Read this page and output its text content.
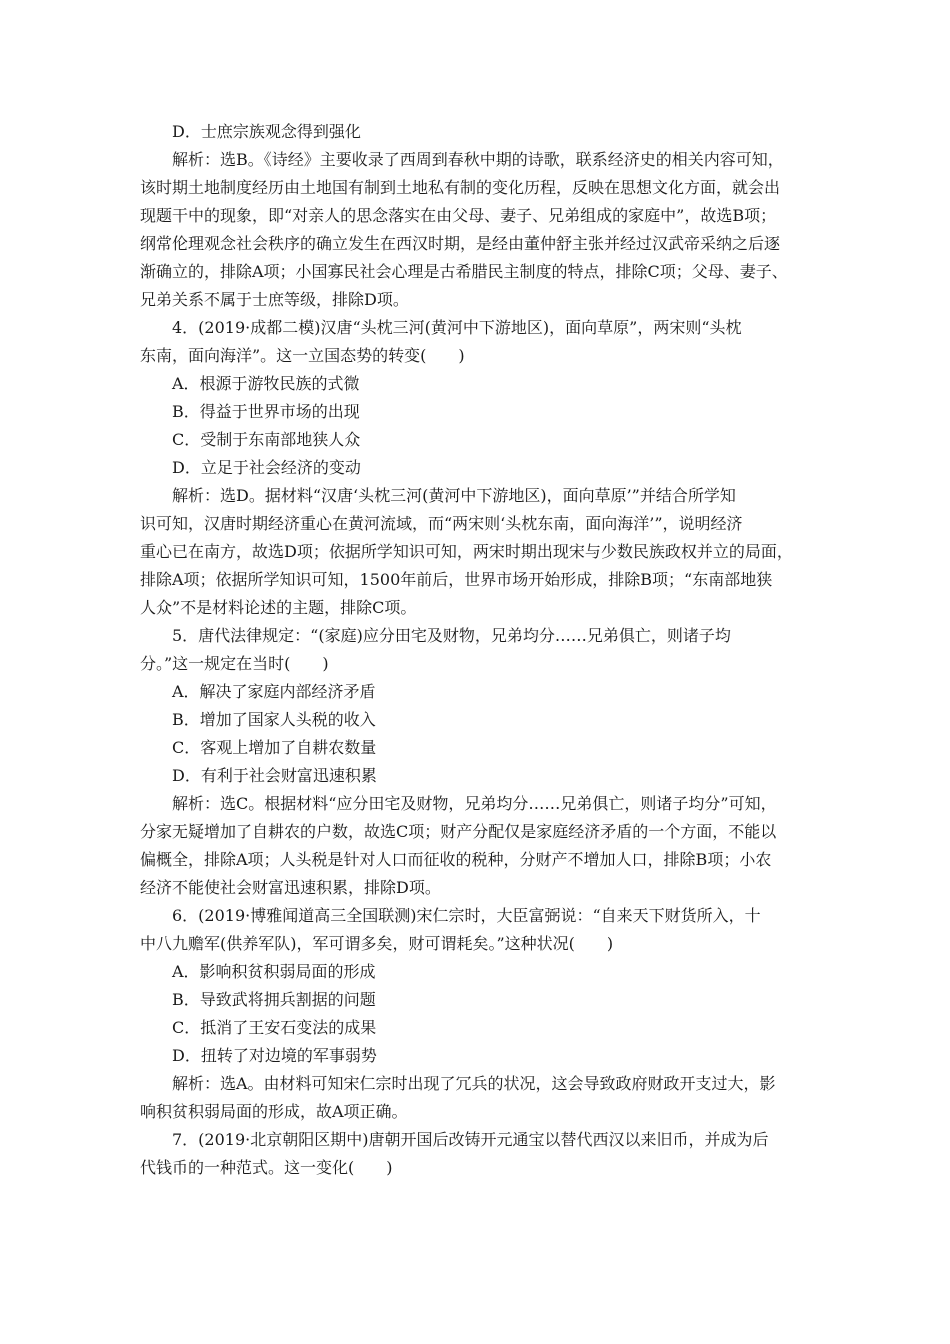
D．士庶宗族观念得到强化
解析：选B。《诗经》主要收录了西周到春秋中期的诗歌，联系经济史的相关内容可知，
该时期土地制度经历由土地国有制到土地私有制的变化历程，反映在思想文化方面，就会出
现题干中的现象，即“对亲人的思念落实在由父母、妻子、兄弟组成的家庭中”，故选B项；
纲常伦理观念社会秩序的确立发生在西汉时期，是经由董仲舒主张并经过汉武帝采纳之后逐
渐确立的，排除A项；小国寡民社会心理是古希腊民主制度的特点，排除C项；父母、妻子、
兄弟关系不属于士庶等级，排除D项。
4．(2019·成都二模)汉唐“头枕三河(黄河中下游地区)，面向草原”，两宋则“头枕
东南，面向海洋”。这一立国态势的转变(　　)
A．根源于游牧民族的式微
B．得益于世界市场的出现
C．受制于东南部地狭人众
D．立足于社会经济的变动
解析：选D。据材料“汉唐‘头枕三河(黄河中下游地区)，面向草原’”并结合所学知
识可知，汉唐时期经济重心在黄河流域，而“两宋则‘头枕东南，面向海洋’”，说明经济
重心已在南方，故选D项；依据所学知识可知，两宋时期出现宋与少数民族政权并立的局面，
排除A项；依据所学知识可知，1500年前后，世界市场开始形成，排除B项；“东南部地狭
人众”不是材料论述的主题，排除C项。
5．唐代法律规定：“(家庭)应分田宅及财物，兄弟均分……兄弟俱亡，则诸子均
分。”这一规定在当时(　　)
A．解决了家庭内部经济矛盾
B．增加了国家人头税的收入
C．客观上增加了自耕农数量
D．有利于社会财富迅速积累
解析：选C。根据材料“应分田宅及财物，兄弟均分……兄弟俱亡，则诸子均分”可知，
分家无疑增加了自耕农的户数，故选C项；财产分配仅是家庭经济矛盾的一个方面，不能以
偏概全，排除A项；人头税是针对人口而征收的税种，分财产不增加人口，排除B项；小农
经济不能使社会财富迅速积累，排除D项。
6．(2019·博雅闻道高三全国联测)宋仁宗时，大臣富弼说：“自来天下财货所入，十
中八九赡军(供养军队)，军可谓多矣，财可谓耗矣。”这种状况(　　)
A．影响积贫积弱局面的形成
B．导致武将拥兵割据的问题
C．抵消了王安石变法的成果
D．扭转了对边境的军事弱势
解析：选A。由材料可知宋仁宗时出现了冗兵的状况，这会导致政府财政开支过大，影
响积贫积弱局面的形成，故A项正确。
7．(2019·北京朝阳区期中)唐朝开国后改铸开元通宝以替代西汉以来旧币，并成为后
代钱币的一种范式。这一变化(　　)
